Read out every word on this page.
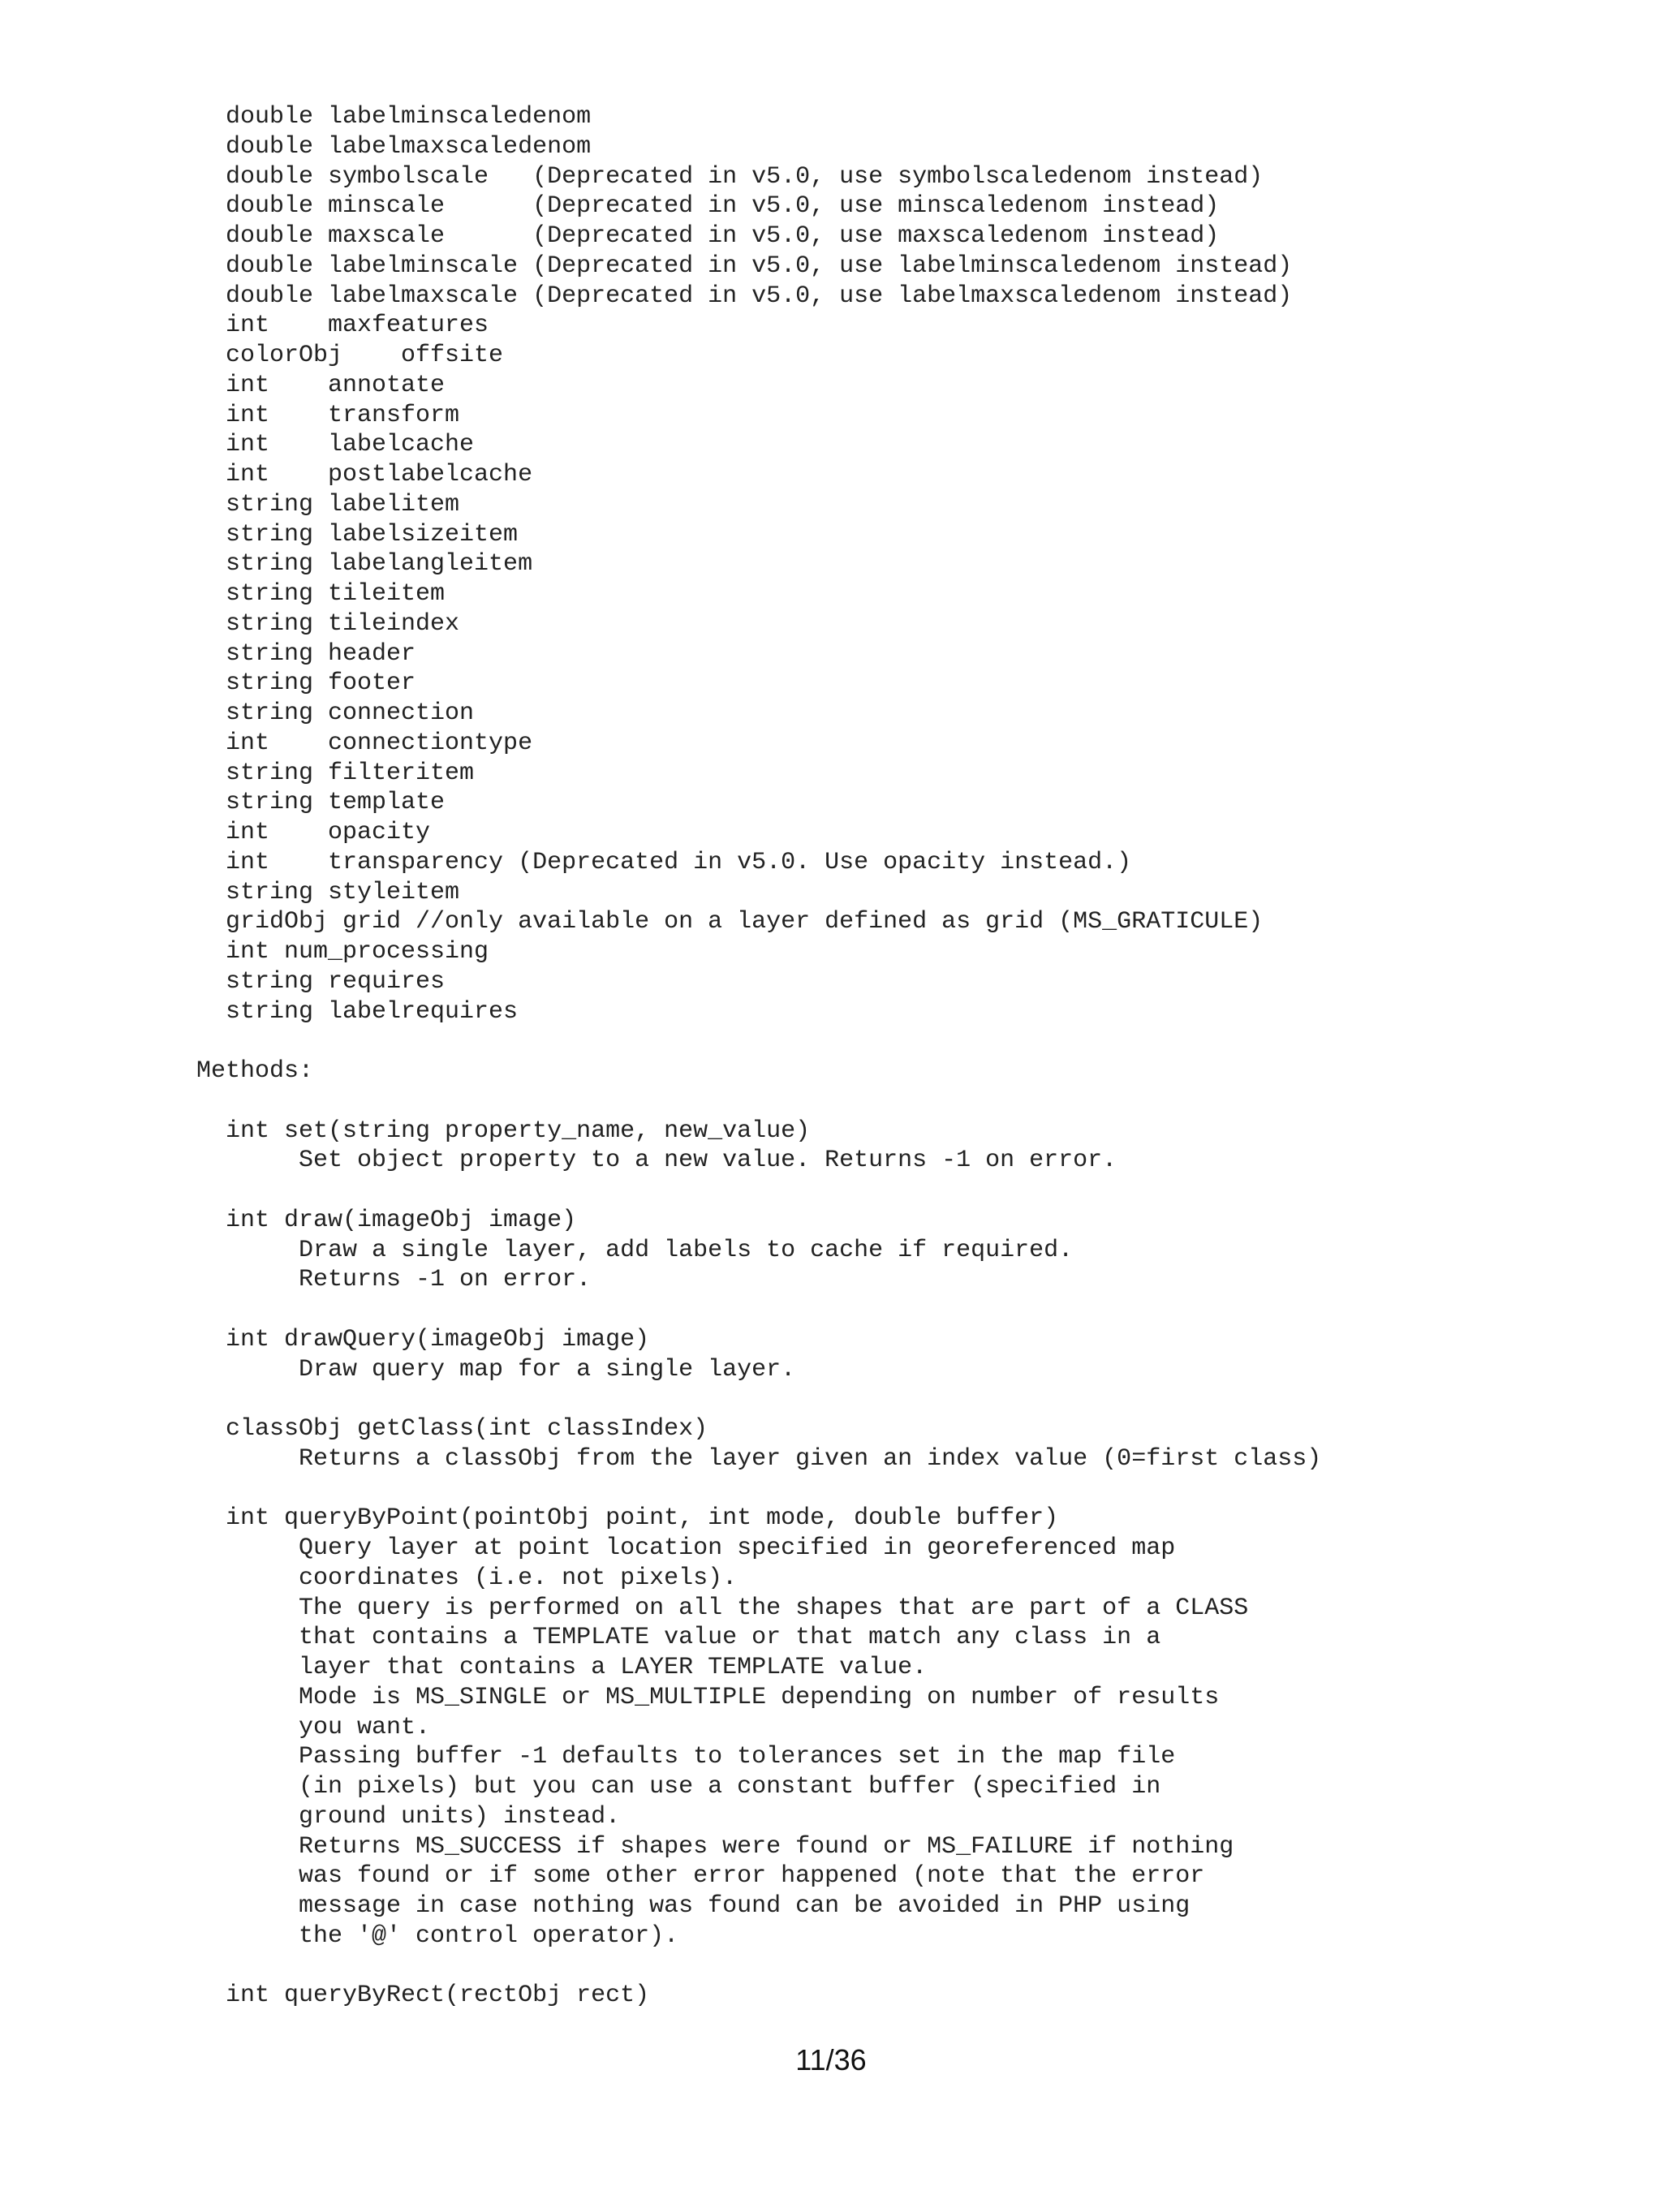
double labelminscaledenom
double labelmaxscaledenom
double symbolscale   (Deprecated in v5.0, use symbolscaledenom instead)
double minscale      (Deprecated in v5.0, use minscaledenom instead)
double maxscale      (Deprecated in v5.0, use maxscaledenom instead)
double labelminscale (Deprecated in v5.0, use labelminscaledenom instead)
double labelmaxscale (Deprecated in v5.0, use labelmaxscaledenom instead)
int    maxfeatures
colorObj    offsite
int    annotate
int    transform
int    labelcache
int    postlabelcache
string labelitem
string labelsizeitem
string labelangleitem
string tileitem
string tileindex
string header
string footer
string connection
int    connectiontype
string filteritem
string template
int    opacity
int    transparency (Deprecated in v5.0. Use opacity instead.)
string styleitem
gridObj grid //only available on a layer defined as grid (MS_GRATICULE)
int num_processing
string requires
string labelrequires
Methods:
int set(string property_name, new_value)
Set object property to a new value. Returns -1 on error.
int draw(imageObj image)
Draw a single layer, add labels to cache if required.
Returns -1 on error.
int drawQuery(imageObj image)
Draw query map for a single layer.
classObj getClass(int classIndex)
Returns a classObj from the layer given an index value (0=first class)
int queryByPoint(pointObj point, int mode, double buffer)
Query layer at point location specified in georeferenced map
coordinates (i.e. not pixels).
The query is performed on all the shapes that are part of a CLASS
that contains a TEMPLATE value or that match any class in a
layer that contains a LAYER TEMPLATE value.
Mode is MS_SINGLE or MS_MULTIPLE depending on number of results
you want.
Passing buffer -1 defaults to tolerances set in the map file
(in pixels) but you can use a constant buffer (specified in
ground units) instead.
Returns MS_SUCCESS if shapes were found or MS_FAILURE if nothing
was found or if some other error happened (note that the error
message in case nothing was found can be avoided in PHP using
the '@' control operator).
int queryByRect(rectObj rect)
11/36
